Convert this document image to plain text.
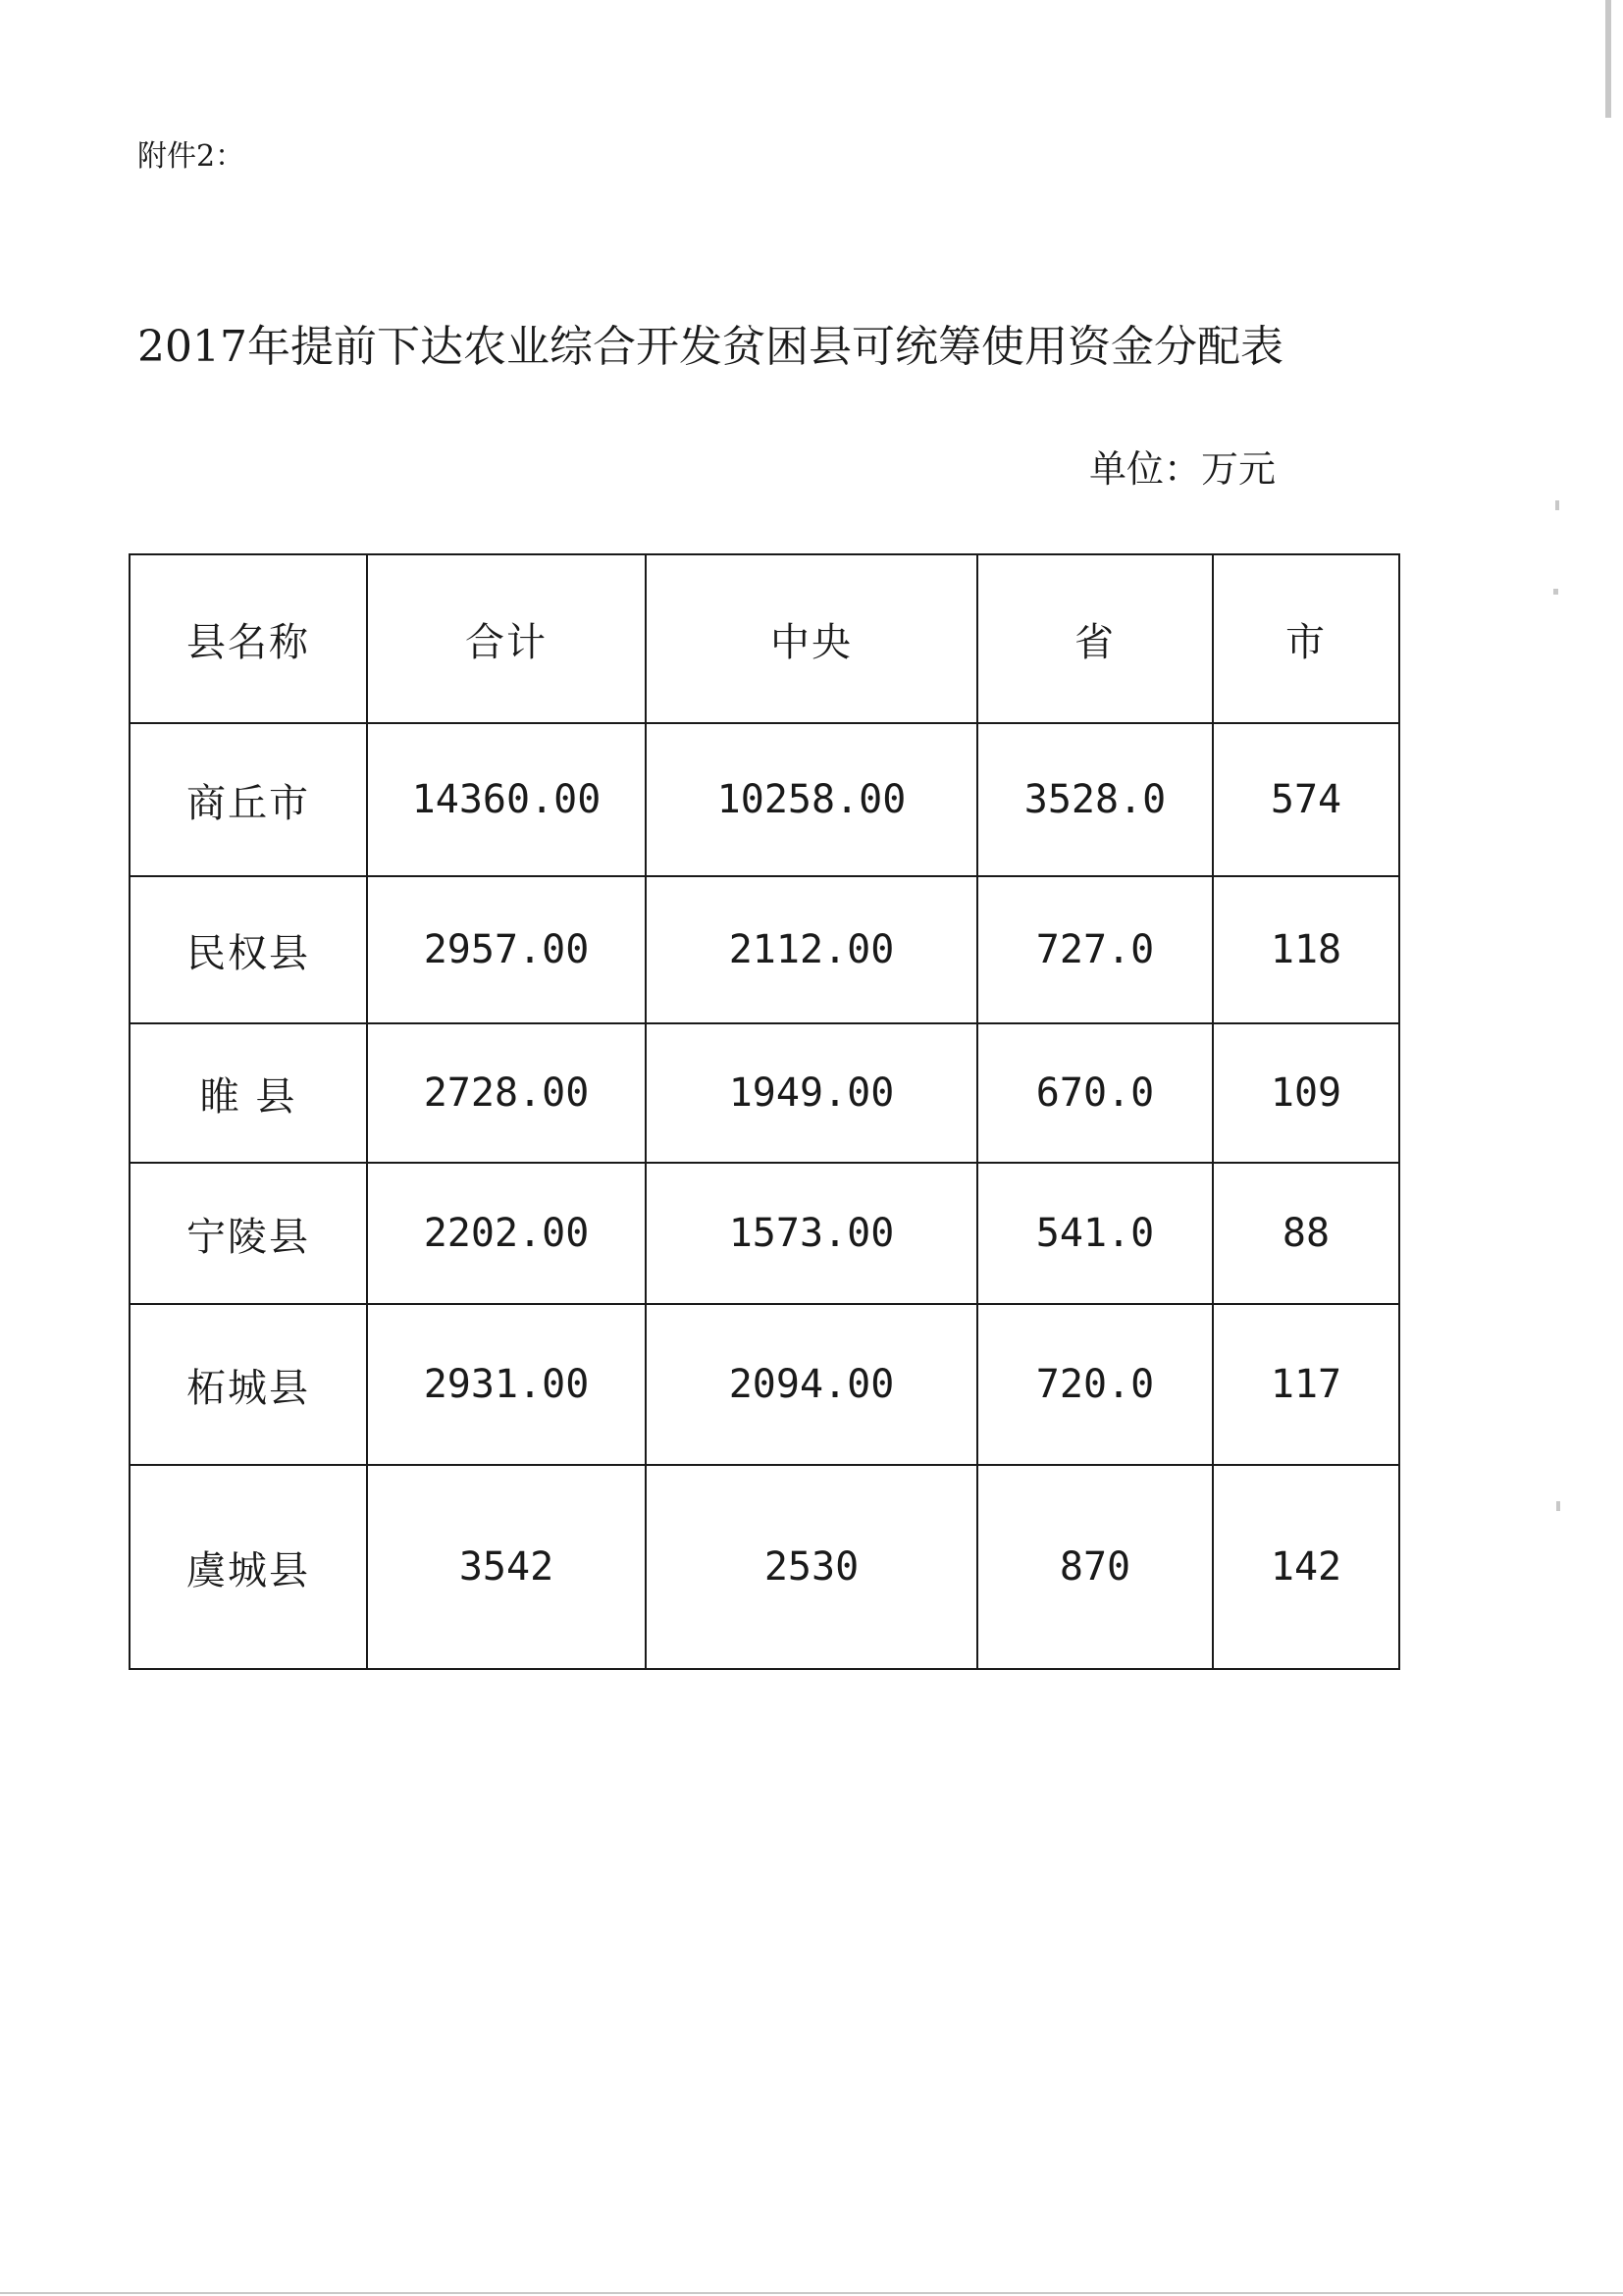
附件2：
2017年提前下达农业综合开发贫困县可统筹使用资金分配表
单位：万元
县名称	合计	中央	省	市
商丘市	14360.00	10258.00	3528.0	574
民权县	2957.00	2112.00	727.0	118
睢 县	2728.00	1949.00	670.0	109
宁陵县	2202.00	1573.00	541.0	88
柘城县	2931.00	2094.00	720.0	117
虞城县	3542	2530	870	142
